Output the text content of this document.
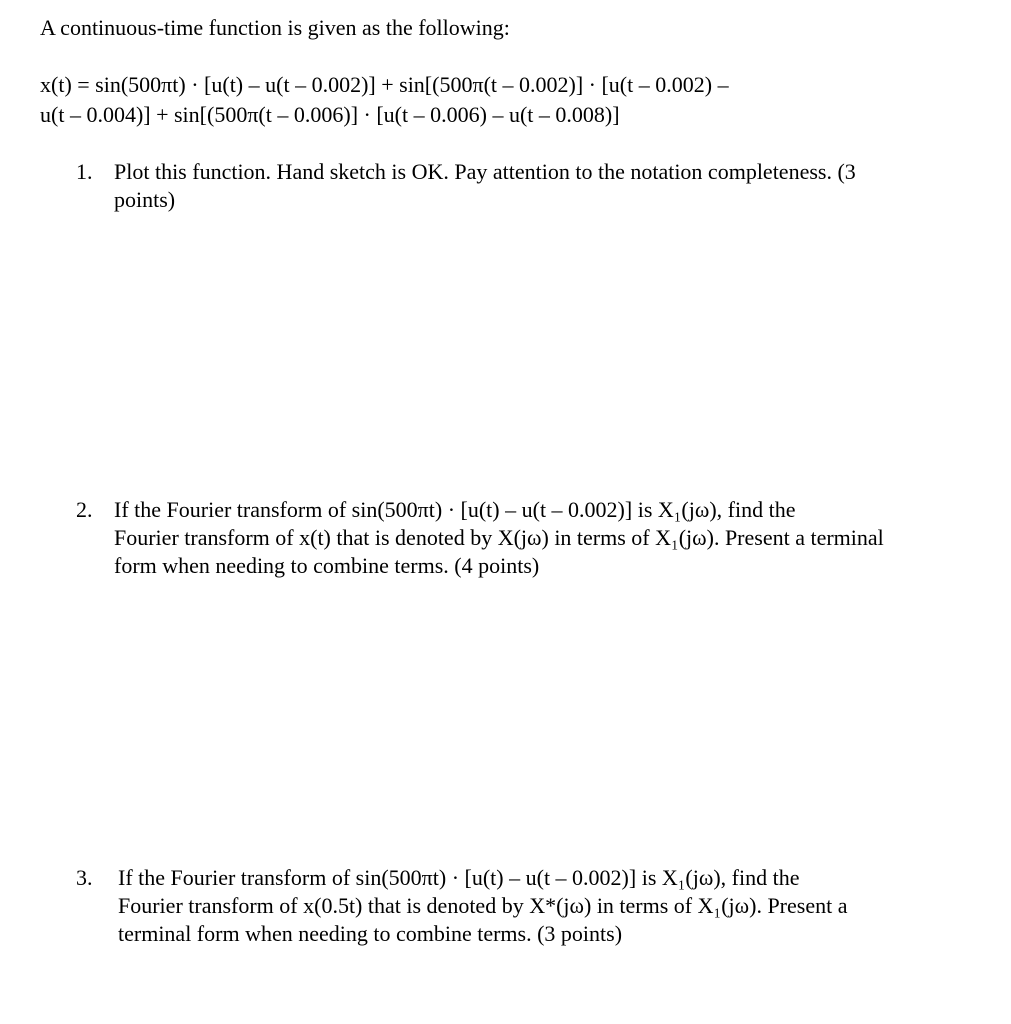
A continuous-time function is given as the following:
x(t) = sin(500πt) · [u(t) – u(t – 0.002)] + sin[(500π(t – 0.002)] · [u(t – 0.002) –
u(t – 0.004)] + sin[(500π(t – 0.006)] · [u(t – 0.006) – u(t – 0.008)]
1. Plot this function. Hand sketch is OK. Pay attention to the notation completeness. (3
points)
2. If the Fourier transform of sin(500πt) · [u(t) – u(t – 0.002)] is X₁(jω), find the
Fourier transform of x(t) that is denoted by X(jω) in terms of X₁(jω). Present a terminal
form when needing to combine terms. (4 points)
3. If the Fourier transform of sin(500πt) · [u(t) – u(t – 0.002)] is X₁(jω), find the
Fourier transform of x(0.5t) that is denoted by X*(jω) in terms of X₁(jω). Present a
terminal form when needing to combine terms. (3 points)
